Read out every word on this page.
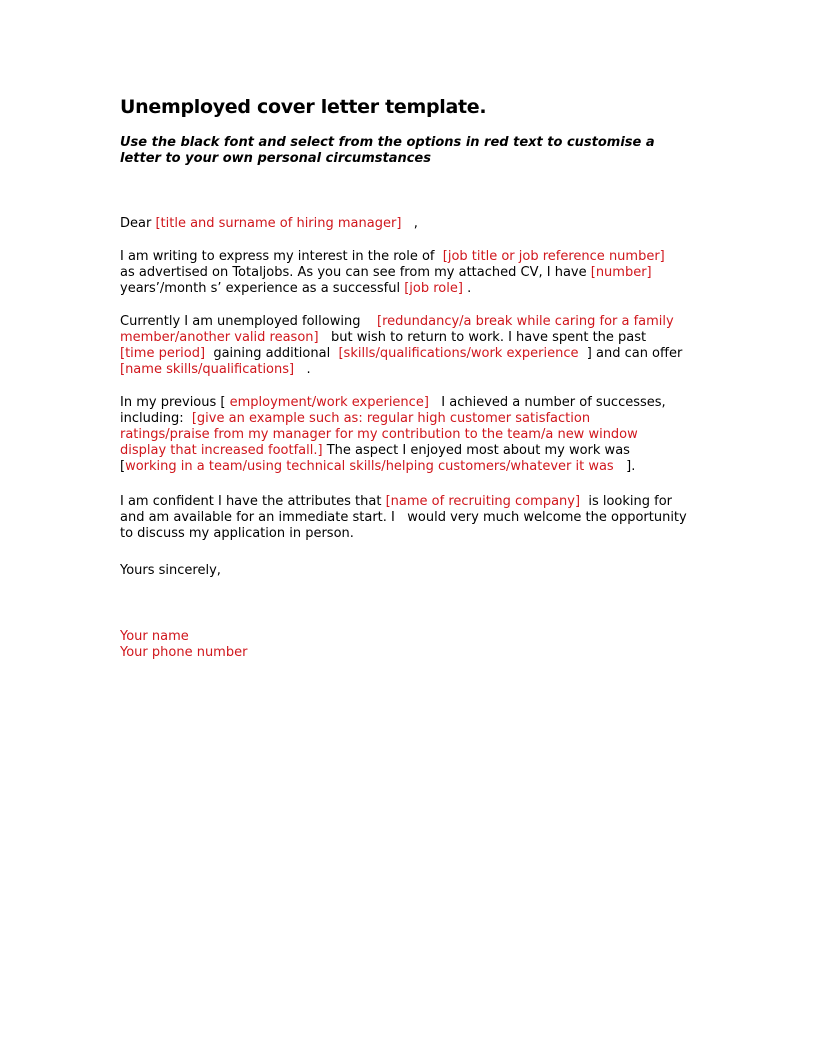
Unemployed cover letter template.
Use the black font and select from the options in red text to customise a
letter to your own personal circumstances
Dear [title and surname of hiring manager]   ,
I am writing to express my interest in the role of  [job title or job reference number]
as advertised on Totaljobs. As you can see from my attached CV, I have [number]
years’/month s’ experience as a successful [job role] .
Currently I am unemployed following    [redundancy/a break while caring for a family
member/another valid reason]   but wish to return to work. I have spent the past
[time period]  gaining additional  [skills/qualifications/work experience  ] and can offer
[name skills/qualifications]   .
In my previous [ employment/work experience]   I achieved a number of successes,
including:  [give an example such as: regular high customer satisfaction
ratings/praise from my manager for my contribution to the team/a new window
display that increased footfall.] The aspect I enjoyed most about my work was
[working in a team/using technical skills/helping customers/whatever it was   ].
I am confident I have the attributes that [name of recruiting company]  is looking for
and am available for an immediate start. I   would very much welcome the opportunity
to discuss my application in person.
Yours sincerely,
Your name
Your phone number
